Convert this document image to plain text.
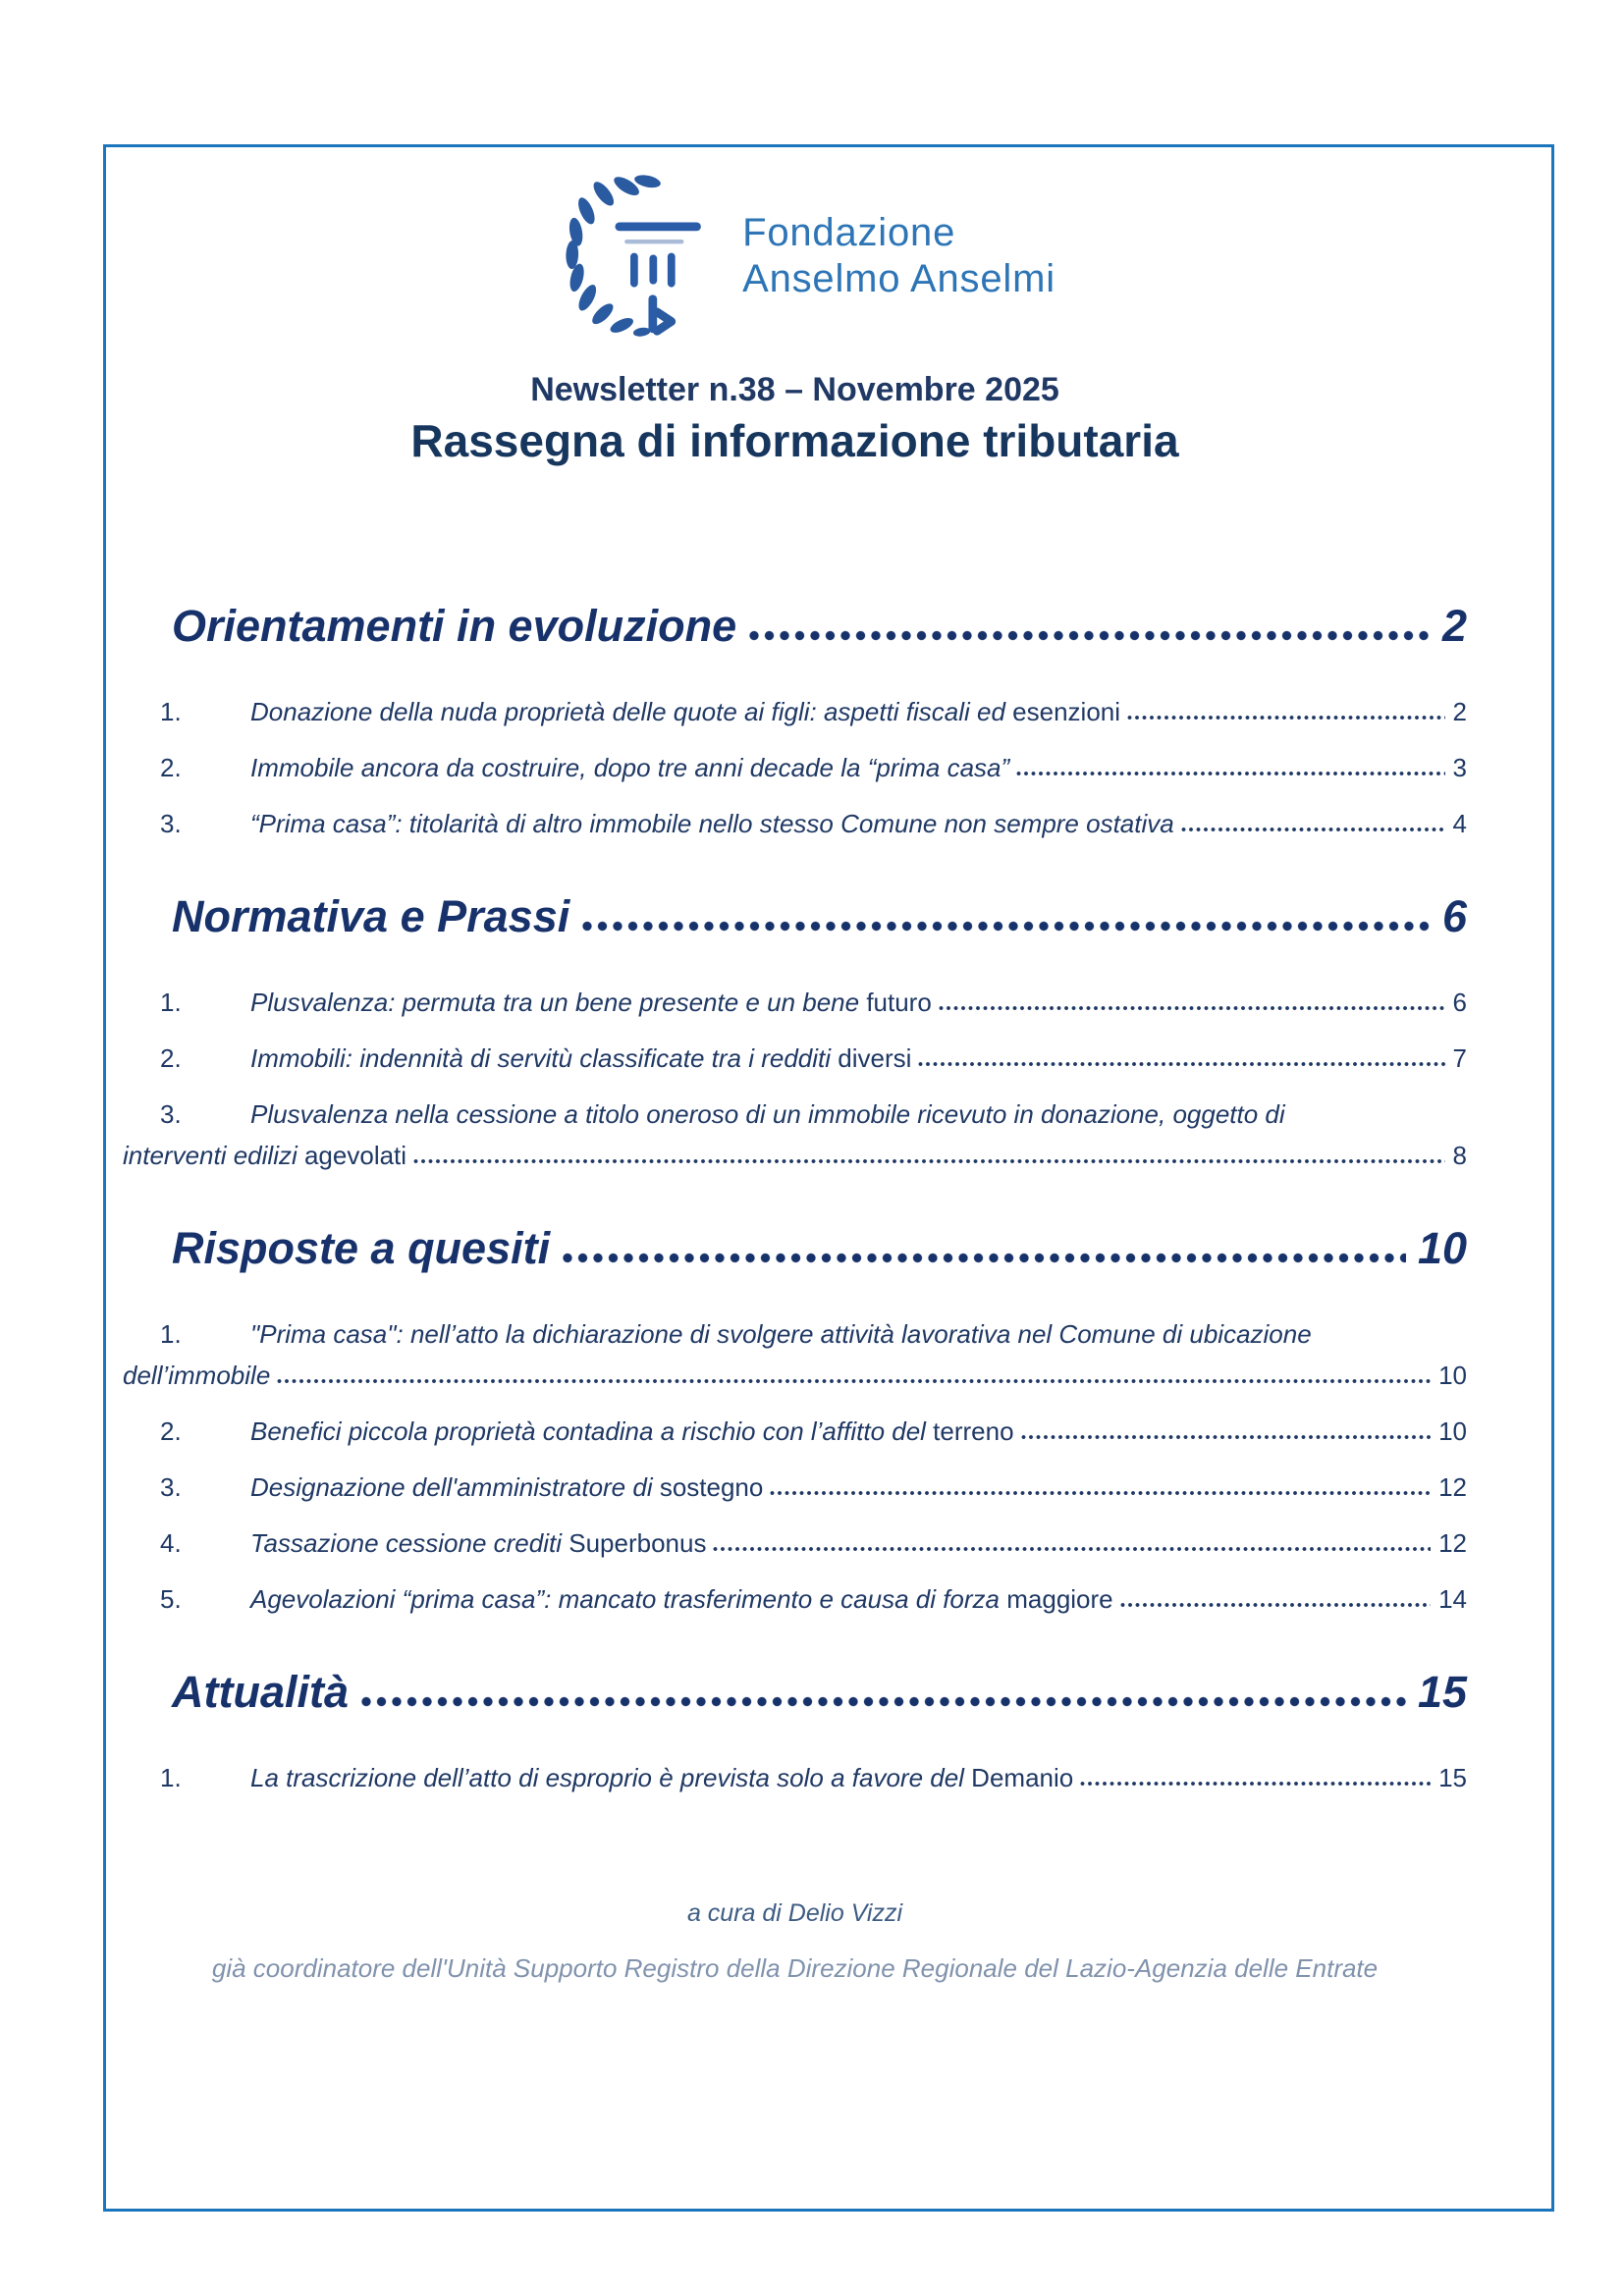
Fondazione
Anselmo Anselmi
Newsletter n.38 – Novembre 2025
Rassegna di informazione tributaria
Orientamenti in evoluzione	2
1.	Donazione della nuda proprietà delle quote ai figli: aspetti fiscali ed esenzioni	2
2.	Immobile ancora da costruire, dopo tre anni decade la “prima casa”	3
3.	“Prima casa”: titolarità di altro immobile nello stesso Comune non sempre ostativa	4
Normativa e Prassi	6
1.	Plusvalenza: permuta tra un bene presente e un bene futuro	6
2.	Immobili: indennità di servitù classificate tra i redditi diversi	7
3.	Plusvalenza nella cessione a titolo oneroso di un immobile ricevuto in donazione, oggetto di
interventi edilizi agevolati	8
Risposte a quesiti	10
1.	"Prima casa": nell’atto la dichiarazione di svolgere attività lavorativa nel Comune di ubicazione
dell’immobile	10
2.	Benefici piccola proprietà contadina a rischio con l’affitto del terreno	10
3.	Designazione dell'amministratore di sostegno	12
4.	Tassazione cessione crediti Superbonus	12
5.	Agevolazioni “prima casa”: mancato trasferimento e causa di forza maggiore	14
Attualità	15
1.	La trascrizione dell’atto di esproprio è prevista solo a favore del Demanio	15
a cura di Delio Vizzi
già coordinatore dell'Unità Supporto Registro della Direzione Regionale del Lazio-Agenzia delle Entrate
